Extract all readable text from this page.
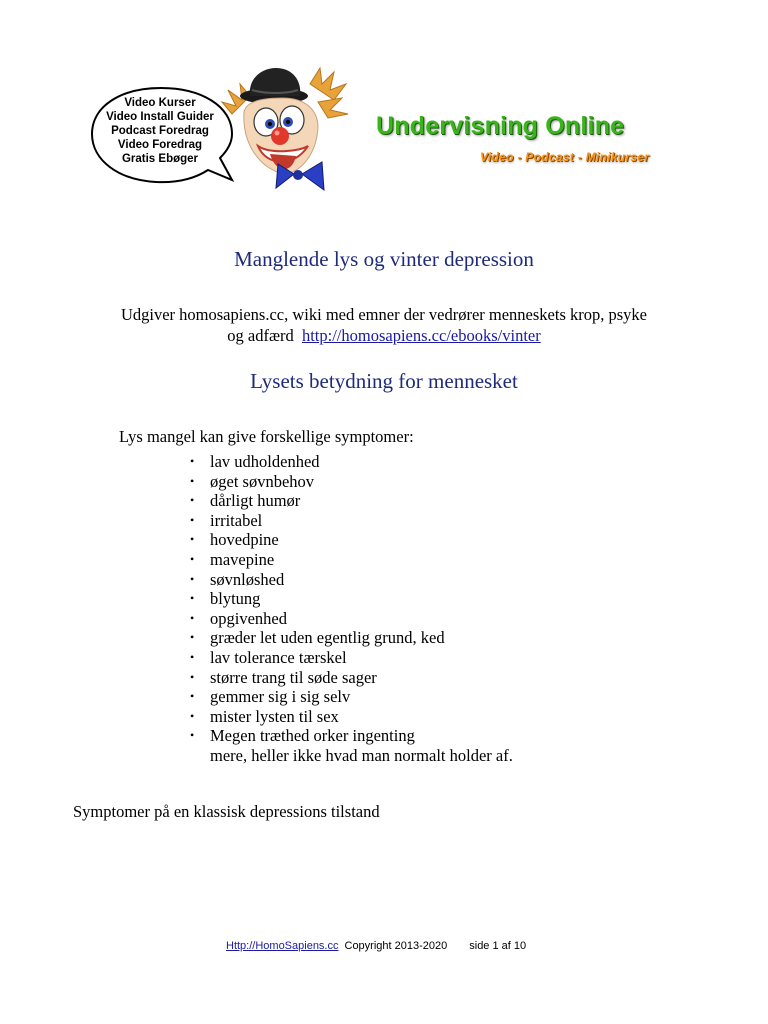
Video Kurser
Video Install Guider
Podcast Foredrag
Video Foredrag
Gratis Ebøger
Undervisning Online
Video - Podcast - Minikurser
Manglende lys og vinter depression
Udgiver homosapiens.cc, wiki med emner der vedrører menneskets krop, psyke
og adfærd http://homosapiens.cc/ebooks/vinter
Lysets betydning for mennesket
Lys mangel kan give forskellige symptomer:
• lav udholdenhed
• øget søvnbehov
• dårligt humør
• irritabel
• hovedpine
• mavepine
• søvnløshed
• blytung
• opgivenhed
• græder let uden egentlig grund, ked
• lav tolerance tærskel
• større trang til søde sager
• gemmer sig i sig selv
• mister lysten til sex
• Megen træthed orker ingenting
mere, heller ikke hvad man normalt holder af.
Symptomer på en klassisk depressions tilstand
Http://HomoSapiens.cc Copyright 2013-2020 side 1 af 10
